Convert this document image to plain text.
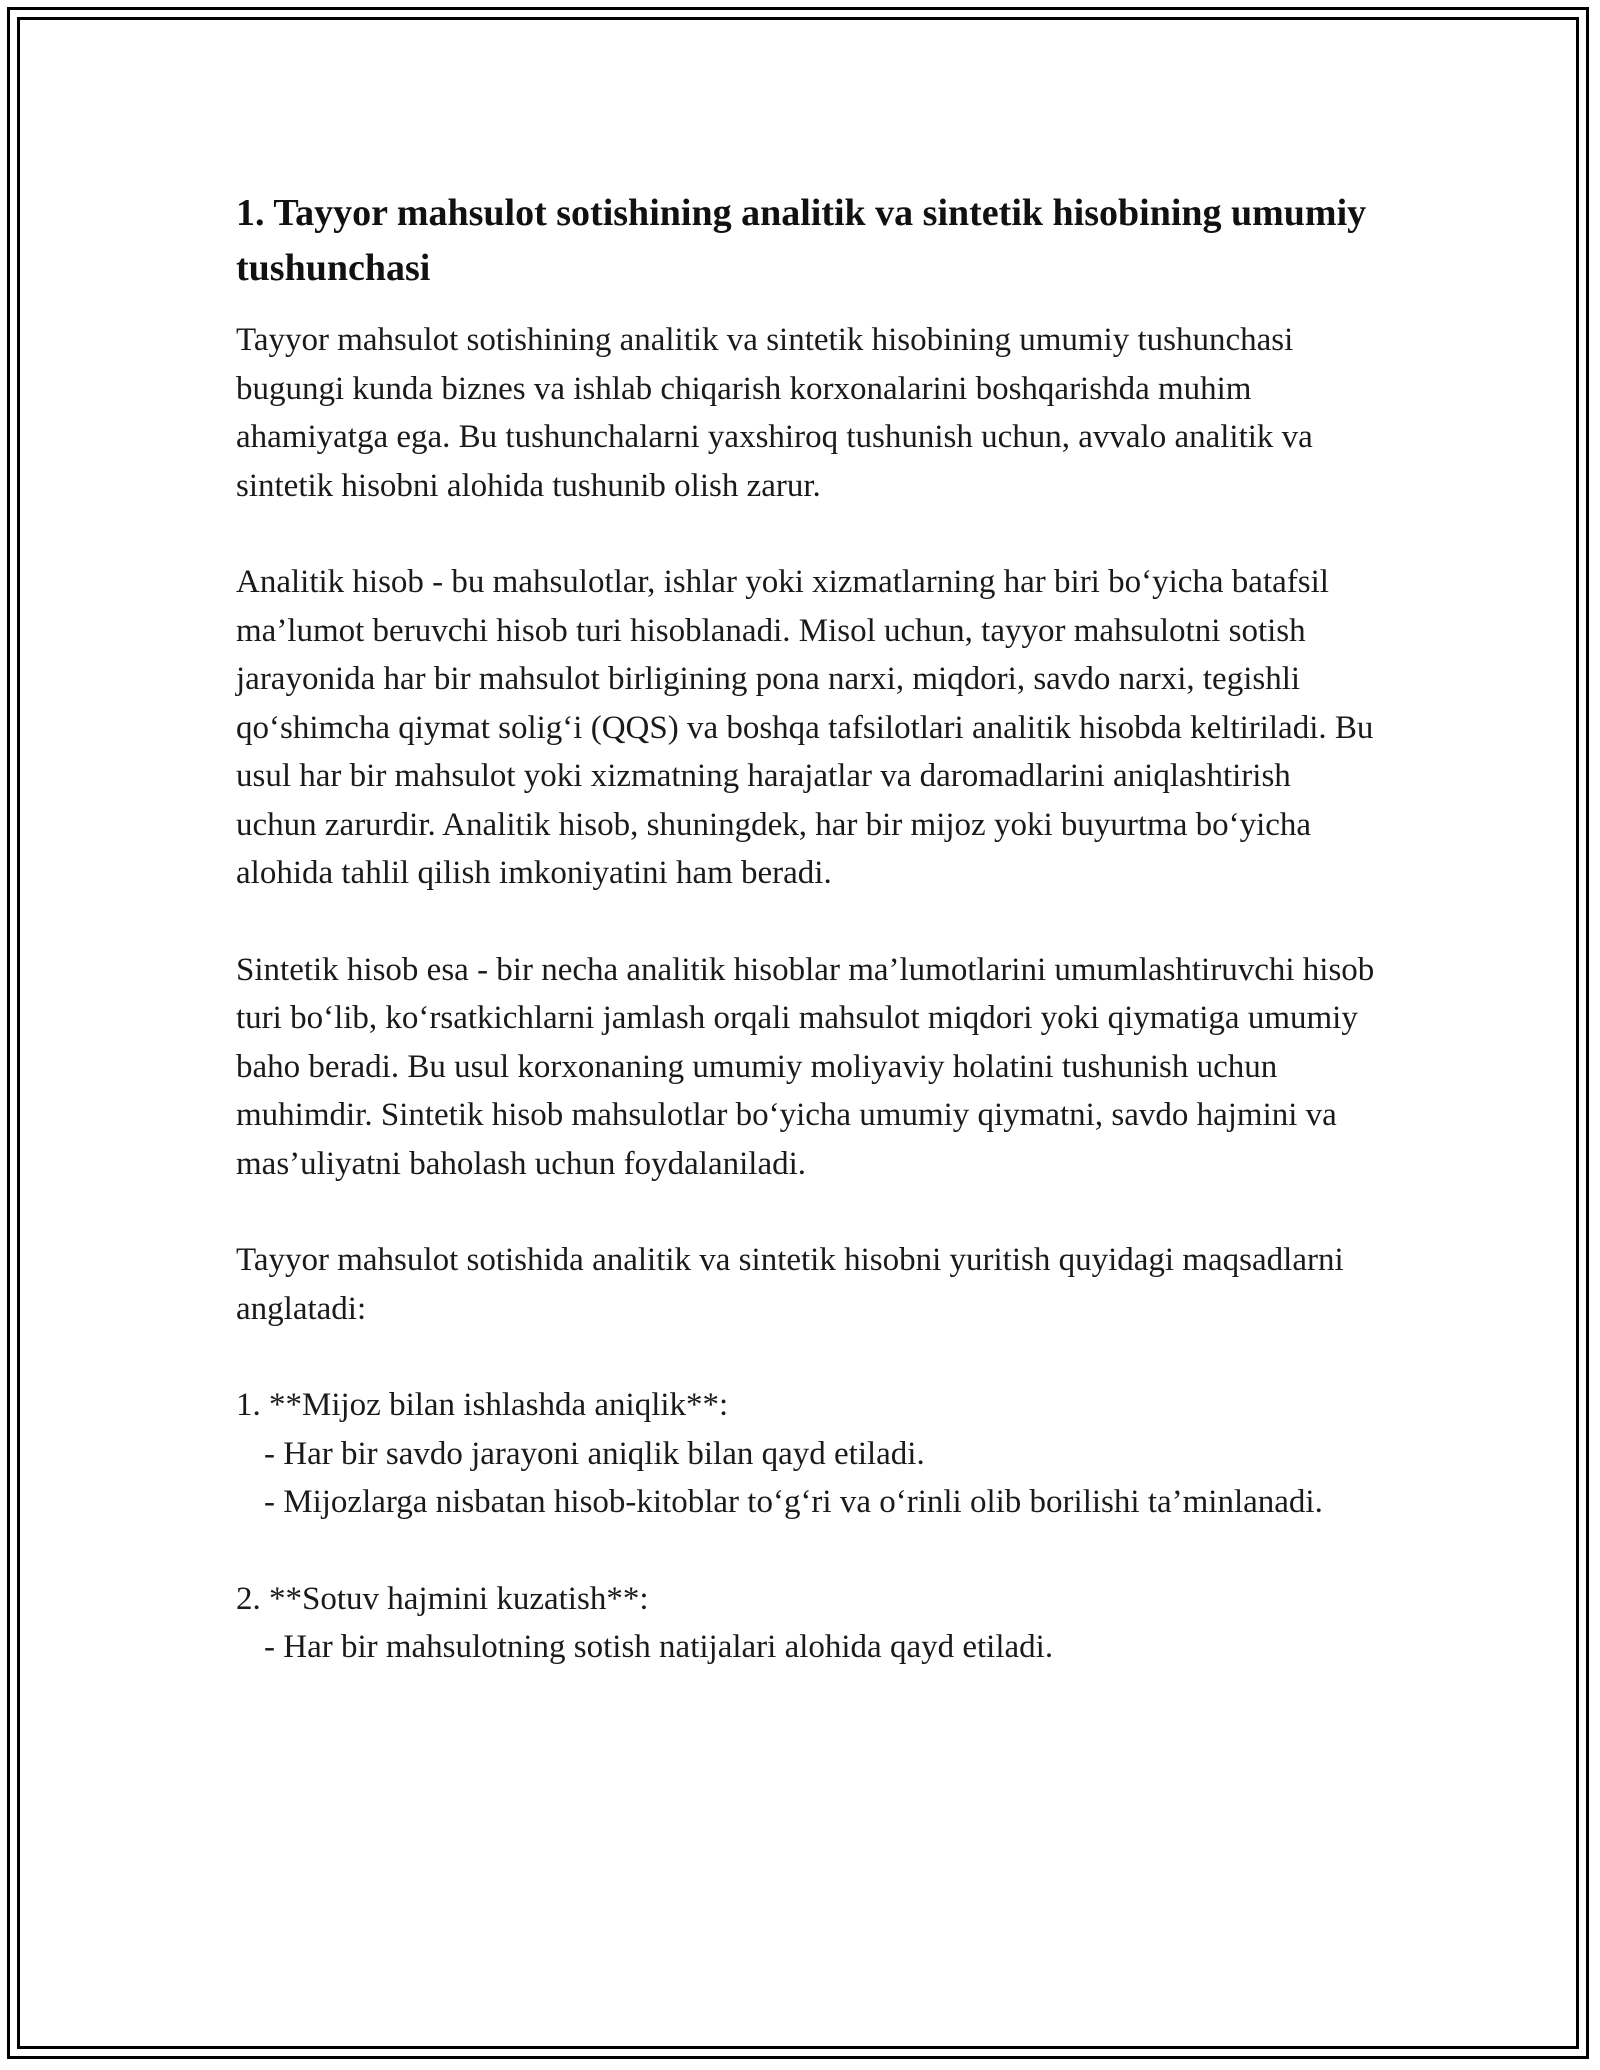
1. Tayyor mahsulot sotishining analitik va sintetik hisobining umumiy tushunchasi

Tayyor mahsulot sotishining analitik va sintetik hisobining umumiy tushunchasi bugungi kunda biznes va ishlab chiqarish korxonalarini boshqarishda muhim ahamiyatga ega. Bu tushunchalarni yaxshiroq tushunish uchun, avvalo analitik va sintetik hisobni alohida tushunib olish zarur.

Analitik hisob - bu mahsulotlar, ishlar yoki xizmatlarning har biri bo‘yicha batafsil ma’lumot beruvchi hisob turi hisoblanadi. Misol uchun, tayyor mahsulotni sotish jarayonida har bir mahsulot birligining pona narxi, miqdori, savdo narxi, tegishli qo‘shimcha qiymat solig‘i (QQS) va boshqa tafsilotlari analitik hisobda keltiriladi. Bu usul har bir mahsulot yoki xizmatning harajatlar va daromadlarini aniqlashtirish uchun zarurdir. Analitik hisob, shuningdek, har bir mijoz yoki buyurtma bo‘yicha alohida tahlil qilish imkoniyatini ham beradi.

Sintetik hisob esa - bir necha analitik hisoblar ma’lumotlarini umumlashtiruvchi hisob turi bo‘lib, ko‘rsatkichlarni jamlash orqali mahsulot miqdori yoki qiymatiga umumiy baho beradi. Bu usul korxonaning umumiy moliyaviy holatini tushunish uchun muhimdir. Sintetik hisob mahsulotlar bo‘yicha umumiy qiymatni, savdo hajmini va mas’uliyatni baholash uchun foydalaniladi.

Tayyor mahsulot sotishida analitik va sintetik hisobni yuritish quyidagi maqsadlarni anglatadi:

1. **Mijoz bilan ishlashda aniqlik**:
- Har bir savdo jarayoni aniqlik bilan qayd etiladi.
- Mijozlarga nisbatan hisob-kitoblar to‘g‘ri va o‘rinli olib borilishi ta’minlanadi.
2. **Sotuv hajmini kuzatish**:
- Har bir mahsulotning sotish natijalari alohida qayd etiladi.
